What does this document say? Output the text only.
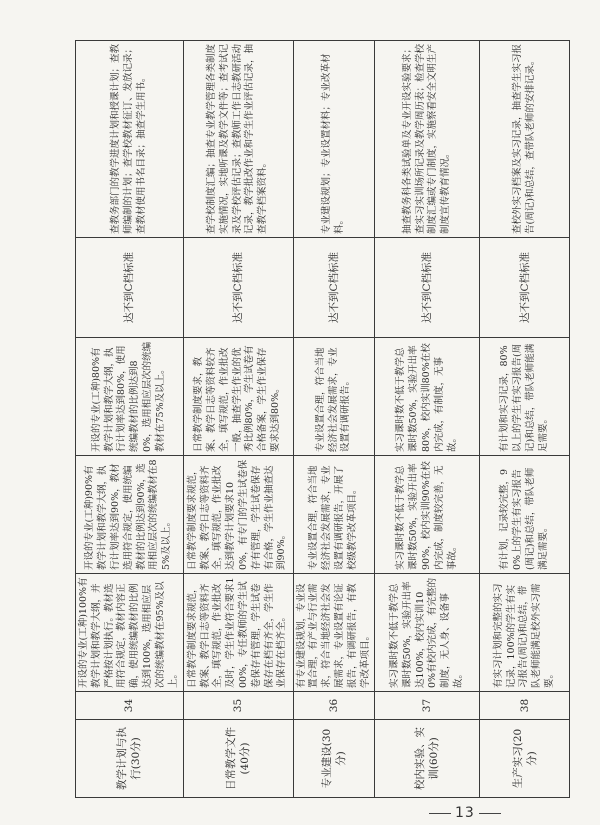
教学计划与执行(30分)	34	开设的专业(工种)100%有教学计划和教学大纲，并严格按计划执行。教材选用符合规定，教材内容正确，使用统编教材的比例达到100%，选用相应层次的统编教材在95%及以上。	开设的专业(工种)90%有教学计划和教学大纲，执行计划率达到90%，教材选用符合规定，使用统编教材的比例达到90%，选用相应层次的统编教材在85%及以上。	开设的专业(工种)80%有教学计划和教学大纲，执行计划率达到80%，使用统编教材的比例达到80%，选用相应层次的统编教材在75%及以上。	达不到C档标准	查教务部门的教学进度计划和授课计划；查教师编制的计划；查学校教材征订、发放记录；查教材使用书名目录；抽查学生用书。
日常教学文件(40分)	35	日常教学制度要求规范，教案、教学日志等资料齐全，填写规范，作业批改及时，学生作业符合要求100%，专任教师的学生试卷保存有管理，学生试卷保存在档有齐全，学生作业保存在档齐全。	日常教学制度要求规范，教案、教学日志等资料齐全，填写规范，作业批改达到教学计划要求100%，有专门的学生试卷保存有管理，学生试卷保存有合格，学生作业抽查达到90%。	日常教学制度要求，教案、教学日志等资料较齐全，填写规范，作业批改一般，抽查学生作业的优秀比例80%，学生试卷有合格备案，学生作业保存要求达到80%。	达不到C档标准	查学校制度汇编；抽查专业教学管理各类制度实施情况，实地听课及教学文件等；查考试记录及学校评估记录；查教师工作日志教研活动记录，教学批改作业和学生作业评估记录，抽查教学档案资料。
专业建设(30分)	36	有专业建设规划，专业设置合理，有产业与行业需求，符合当地经济社会发展需求，专业设置有论证报告，有调研报告，有教学改革项目。	专业设置合理，符合当地经济社会发展需求，专业设置有调研报告，开展了校级教学改革项目。	专业设置合理，符合当地经济社会发展需求，专业设置有调研报告。	达不到C档标准	专业建设规划；专业设置材料；专业改革材料。
校内实验、实训(60分)	37	实习课时数不低于教学总课时数50%，实验开出率达100%，校内实训100%有校内完成，有完整的制度，无人身、设备事故。	实习课时数不低于教学总课时数50%，实验开出率90%，校内实训90%在校内完成，制度较完善，无事故。	实习课时数不低于教学总课时数50%，实验开出率80%，校内实训80%在校内完成，有制度，无事故。	达不到C档标准	抽查教务科各类试验单及专业开设实验要求；查实习实训场所记录及教学周历表；检查学校制度汇编或专门制度，实施察看安全文明生产制度宣传教育情况。
生产实习(20分)	38	有实习计划和完整的实习记录，100%的学生有实习报告(周记)和总结，带队老师能满足校外实习需要。	有计划，记录较完整，90%上的学生有实习报告(周记)和总结，带队老师满足需要。	有计划和实习记录，80%以上的学生有实习报告(周记)和总结，带队老师能满足需要。	达不到C档标准	查校外实习档案及实习记录，抽查学生实习报告(周记)和总结，查带队老师的安排记录。
13
